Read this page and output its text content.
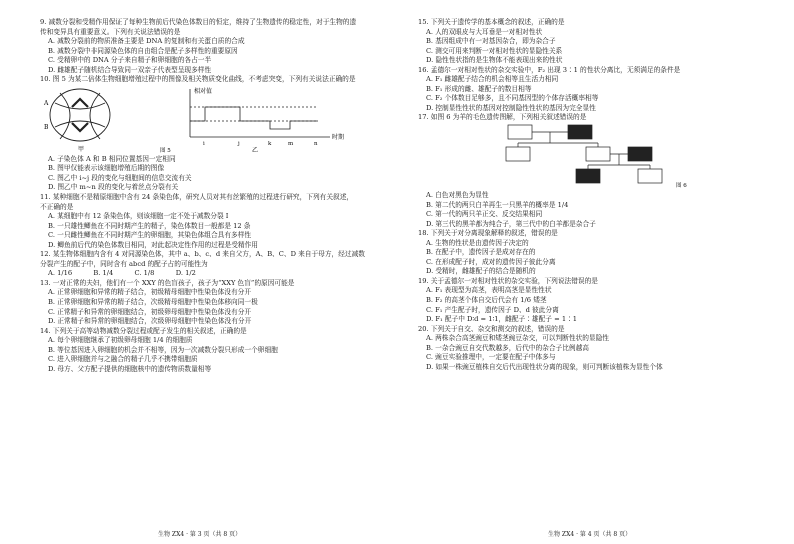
9. 减数分裂和受精作用保证了每种生物前后代染色体数目的恒定，维持了生物遗传的稳定性，对于生物的遗
传和变异具有重要意义。下列有关说法错误的是
A. 减数分裂前的物质准备主要是 DNA 的复制和有关蛋白质的合成
B. 减数分裂中非同源染色体的自由组合是配子多样性的重要原因
C. 受精卵中的 DNA 分子来自精子和卵细胞的各占一半
D. 雌雄配子随机结合导致同一双亲子代表型呈现多样性
10. 图 5 为某二倍体生物细胞增殖过程中的图像及相关物质变化曲线，不考虑突变，下列有关说法正确的是
A
B
甲
相对值
时期
i	j	k	m	n
乙
图 5
A. 子染色体 A 和 B 相同位置基因一定相同
B. 图甲仅能表示该细胞增殖后期的图像
C. 图乙中 i~j 段的变化与细胞间的信息交流有关
D. 图乙中 m~n 段的变化与着丝点分裂有关
11. 某种细胞不是精原细胞中含有 24 条染色体，研究人员对其有丝繁殖的过程进行研究，下列有关叙述，
不正确的是
A. 某细胞中有 12 条染色体，则该细胞一定不处于减数分裂 I
B. 一只雄性鲫鱼在不同时期产生的精子，染色体数目一般都是 12 条
C. 一只雌性鲫鱼在不同时期产生的卵细胞，其染色体组合具有多样性
D. 鲫鱼前后代的染色体数目相同，对此起决定性作用的过程是受精作用
12. 某生物体细胞内含有 4 对同源染色体，其中 a、b、c、d 来自父方，A、B、C、D 来自于母方，经过减数
分裂产生的配子中，同时含有 abcd 的配子占的可能性为
A. 1/16          B. 1/4          C. 1/8          D. 1/2
13. 一对正常的夫妇，他们有一个 XXY 的色盲孩子，孩子为“XXY 色盲”的原因可能是
A. 正常卵细胞和异常的精子结合，初级精母细胞中性染色体没有分开
B. 正常卵细胞和异常的精子结合，次级精母细胞中性染色体移向同一极
C. 正常精子和异常的卵细胞结合，初级卵母细胞中性染色体没有分开
D. 正常精子和异常的卵细胞结合，次级卵母细胞中性染色体没有分开
14. 下列关于高等动物减数分裂过程或配子发生的相关叙述，正确的是
A. 每个卵细胞继承了初级卵母细胞 1/4 的细胞质
B. 等位基因进入卵细胞的机会并不相等，因为一次减数分裂只形成一个卵细胞
C. 进入卵细胞并与之融合的精子几乎不携带细胞质
D. 母方、父方配子提供的细胞核中的遗传物质数量相等
生物 ZX4 · 第 3 页（共 8 页）
15. 下列关于遗传学的基本概念的叙述，正确的是
A. 人的双眼皮与大耳垂是一对相对性状
B. 基因组成中有一对基因杂合，即为杂合子
C. 测交可用来判断一对相对性状的显隐性关系
D. 隐性性状指的是生物体不能表现出来的性状
16. 孟德尔一对相对性状的杂交实验中，F₂ 出现 3∶1 的性状分离比，无须满足的条件是
A. F₁ 雌雄配子结合的机会相等且生活力相同
B. F₁ 形成的雌、雄配子的数目相等
C. F₂ 个体数目足够多，且不同基因型的个体存活概率相等
D. 控制显性性状的基因对控制隐性性状的基因为完全显性
17. 如图 6 为羊的毛色遗传图解，下列相关叙述错误的是
图 6
A. 白色对黑色为显性
B. 第二代的两只白羊再生一只黑羊的概率是 1/4
C. 第一代的两只羊正交、反交结果相同
D. 第三代的黑羊都为纯合子，第三代中的白羊都是杂合子
18. 下列关于对分离现象解释的叙述，错误的是
A. 生物的性状是由遗传因子决定的
B. 在配子中，遗传因子是成对存在的
C. 在形成配子时，成对的遗传因子彼此分离
D. 受精时，雌雄配子的结合是随机的
19. 关于孟德尔一对相对性状的杂交实验，下列说法错误的是
A. F₁ 表现型为高茎，表明高茎是显性性状
B. F₂ 的高茎个体自交后代会有 1/6 矮茎
C. F₁ 产生配子时，遗传因子 D、d 彼此分离
D. F₁ 配子中 D∶d = 1∶1，雌配子∶雄配子 = 1∶1
20. 下列关于自交、杂交和测交的叙述，错误的是
A. 两株杂合高茎豌豆和矮茎豌豆杂交，可以判断性状的显隐性
B. 一杂合豌豆自交代数越多，后代中的杂合子比例越高
C. 豌豆实验推理中，一定要在配子中体多与
D. 如果一株豌豆植株自交后代出现性状分离的现象，则可判断该植株为显性个体
生物 ZX4 · 第 4 页（共 8 页）
